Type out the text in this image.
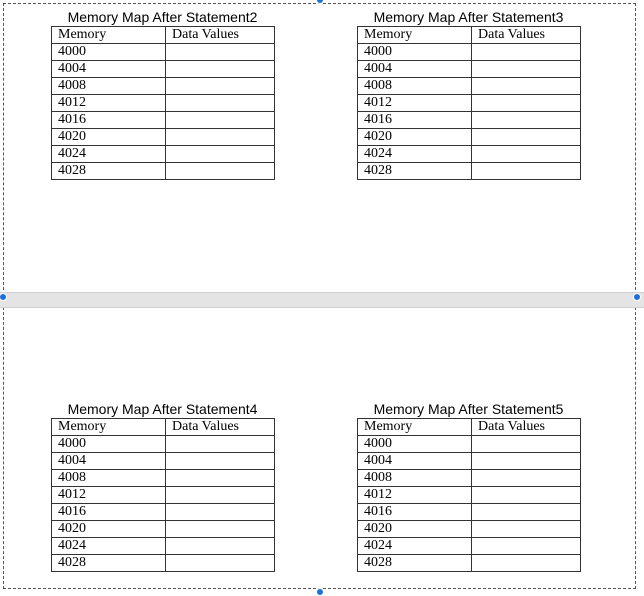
Memory Map After Statement2
Memory	Data Values
4000	
4004	
4008	
4012	
4016	
4020	
4024	
4028	
Memory Map After Statement3
Memory	Data Values
4000	
4004	
4008	
4012	
4016	
4020	
4024	
4028	
Memory Map After Statement4
Memory	Data Values
4000	
4004	
4008	
4012	
4016	
4020	
4024	
4028	
Memory Map After Statement5
Memory	Data Values
4000	
4004	
4008	
4012	
4016	
4020	
4024	
4028	
